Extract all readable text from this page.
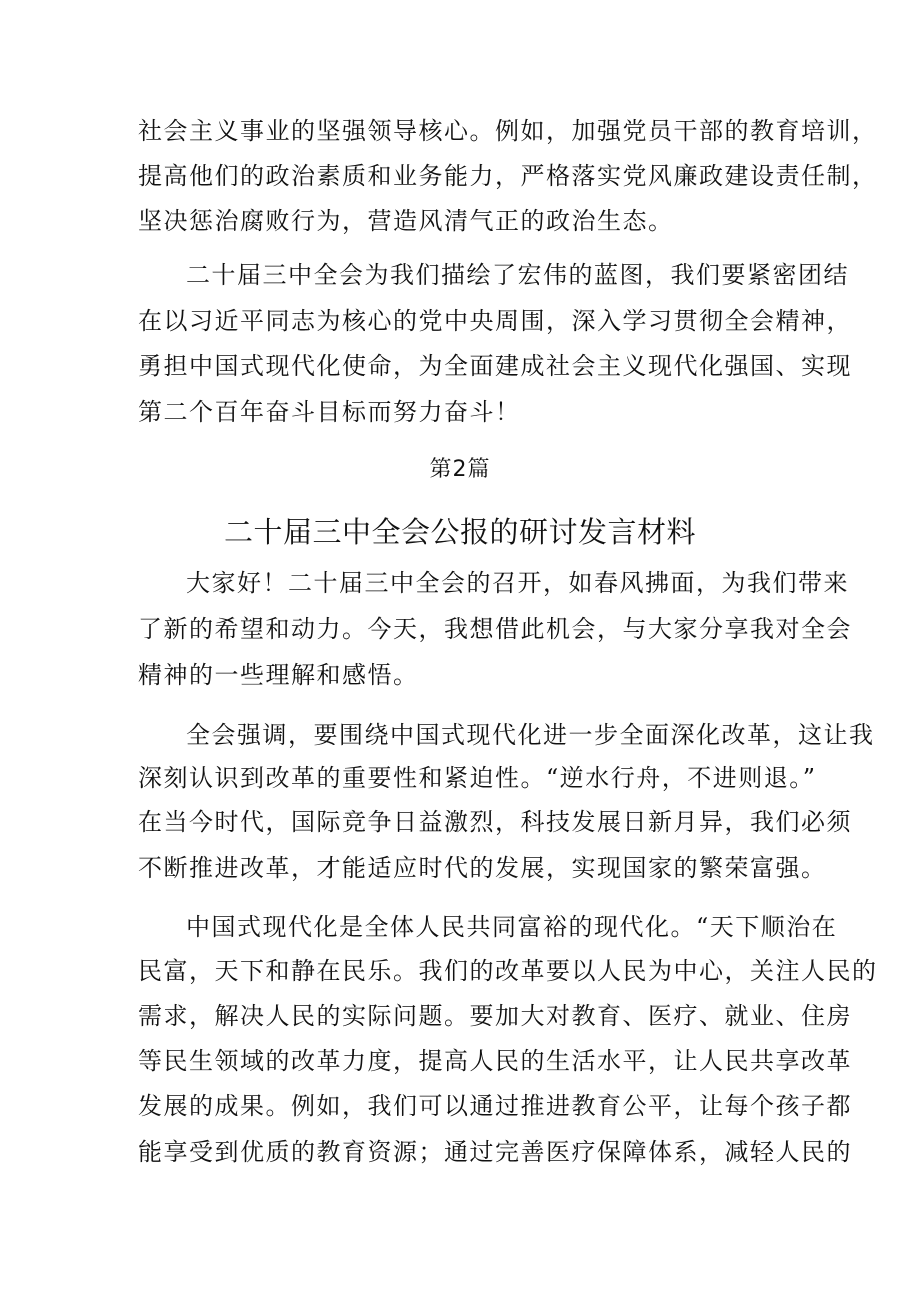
社会主义事业的坚强领导核心。例如，加强党员干部的教育培训，
提高他们的政治素质和业务能力，严格落实党风廉政建设责任制，
坚决惩治腐败行为，营造风清气正的政治生态。
二十届三中全会为我们描绘了宏伟的蓝图，我们要紧密团结
在以习近平同志为核心的党中央周围，深入学习贯彻全会精神，
勇担中国式现代化使命，为全面建成社会主义现代化强国、实现
第二个百年奋斗目标而努力奋斗！
第2篇
二十届三中全会公报的研讨发言材料
大家好！二十届三中全会的召开，如春风拂面，为我们带来
了新的希望和动力。今天，我想借此机会，与大家分享我对全会
精神的一些理解和感悟。
全会强调，要围绕中国式现代化进一步全面深化改革，这让我
深刻认识到改革的重要性和紧迫性。“逆水行舟，不进则退。”
在当今时代，国际竞争日益激烈，科技发展日新月异，我们必须
不断推进改革，才能适应时代的发展，实现国家的繁荣富强。
中国式现代化是全体人民共同富裕的现代化。“天下顺治在
民富，天下和静在民乐。我们的改革要以人民为中心，关注人民的
需求，解决人民的实际问题。要加大对教育、医疗、就业、住房
等民生领域的改革力度，提高人民的生活水平，让人民共享改革
发展的成果。例如，我们可以通过推进教育公平，让每个孩子都
能享受到优质的教育资源；通过完善医疗保障体系，减轻人民的
